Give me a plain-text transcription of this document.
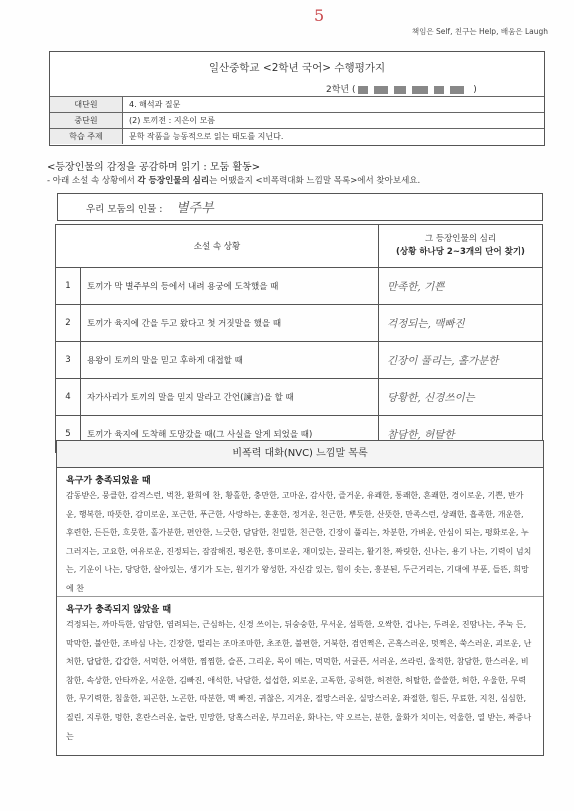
5
책임은 Self, 친구는 Help, 배움은 Laugh
일산중학교 <2학년 국어> 수행평가지
2학년 (	)
대단원	4. 해석과 질문
중단원	(2) 토끼전 : 지은이 모름
학습 주제	문학 작품을 능동적으로 읽는 태도를 지닌다.
<등장인물의 감정을 공감하며 읽기 : 모둠 활동>
- 아래 소설 속 상황에서 각 등장인물의 심리는 어땠을지 <비폭력대화 느낌말 목록>에서 찾아보세요.
우리 모둠의 인물 : 별주부
소설 속 상황		그 등장인물의 심리
(상황 하나당 2~3개의 단어 찾기)

1	토끼가 막 별주부의 등에서 내려 용궁에 도착했을 때	만족한, 기쁜
2	토끼가 육지에 간을 두고 왔다고 첫 거짓말을 했을 때	걱정되는, 맥빠진
3	용왕이 토끼의 말을 믿고 후하게 대접할 때	긴장이 풀리는, 홀가분한
4	자가사리가 토끼의 말을 믿지 말라고 간언(諫言)을 할 때	당황한, 신경쓰이는
5	토끼가 육지에 도착해 도망갔을 때(그 사실을 알게 되었을 때)	참담한, 허탈한
비폭력 대화(NVC) 느낌말 목록
욕구가 충족되었을 때
감동받은, 뭉클한, 감격스런, 벅찬, 환희에 찬, 황홀한, 충만한, 고마운, 감사한, 즐거운, 유쾌한, 통쾌한, 흔쾌한, 경이로운, 기쁜, 반가운, 행복한, 따뜻한, 감미로운, 포근한, 푸근한, 사랑하는, 훈훈한, 정겨운, 친근한, 뿌듯한, 산뜻한, 만족스런, 상쾌한, 흡족한, 개운한, 후련한, 든든한, 흐뭇한, 홀가분한, 편안한, 느긋한, 담담한, 친밀한, 친근한, 긴장이 풀리는, 차분한, 가벼운, 안심이 되는, 평화로운, 누그러지는, 고요한, 여유로운, 진정되는, 잠잠해진, 평온한, 흥미로운, 재미있는, 끌리는, 활기찬, 짜릿한, 신나는, 용기 나는, 기력이 넘치는, 기운이 나는, 당당한, 살아있는, 생기가 도는, 원기가 왕성한, 자신감 있는, 힘이 솟는, 흥분된, 두근거리는, 기대에 부푼, 들뜬, 희망에 찬
욕구가 충족되지 않았을 때
걱정되는, 까마득한, 암담한, 염려되는, 근심하는, 신경 쓰이는, 뒤숭숭한, 무서운, 섬뜩한, 오싹한, 겁나는, 두려운, 진땀나는, 주눅 든, 막막한, 불안한, 조바심 나는, 긴장한, 떨리는 조마조마한, 초조한, 불편한, 거북한, 겸연쩍은, 곤혹스러운, 멋쩍은, 쑥스러운, 괴로운, 난처한, 답답한, 갑갑한, 서먹한, 어색한, 찜찜한, 슬픈, 그리운, 목이 메는, 먹먹한, 서글픈, 서러운, 쓰라린, 울적한, 참담한, 한스러운, 비참한, 속상한, 안타까운, 서운한, 김빠진, 애석한, 낙담한, 섭섭한, 외로운, 고독한, 공허한, 허전한, 허탈한, 쓸쓸한, 허한, 우울한, 무력한, 무기력한, 침울한, 피곤한, 노곤한, 따분한, 맥 빠진, 귀찮은, 지겨운, 절망스러운, 실망스러운, 좌절한, 힘든, 무료한, 지친, 심심한, 질린, 지루한, 멍한, 혼란스러운, 놀란, 민망한, 당혹스러운, 부끄러운, 화나는, 약 오르는, 분한, 울화가 치미는, 억울한, 열 받는, 짜증나는
